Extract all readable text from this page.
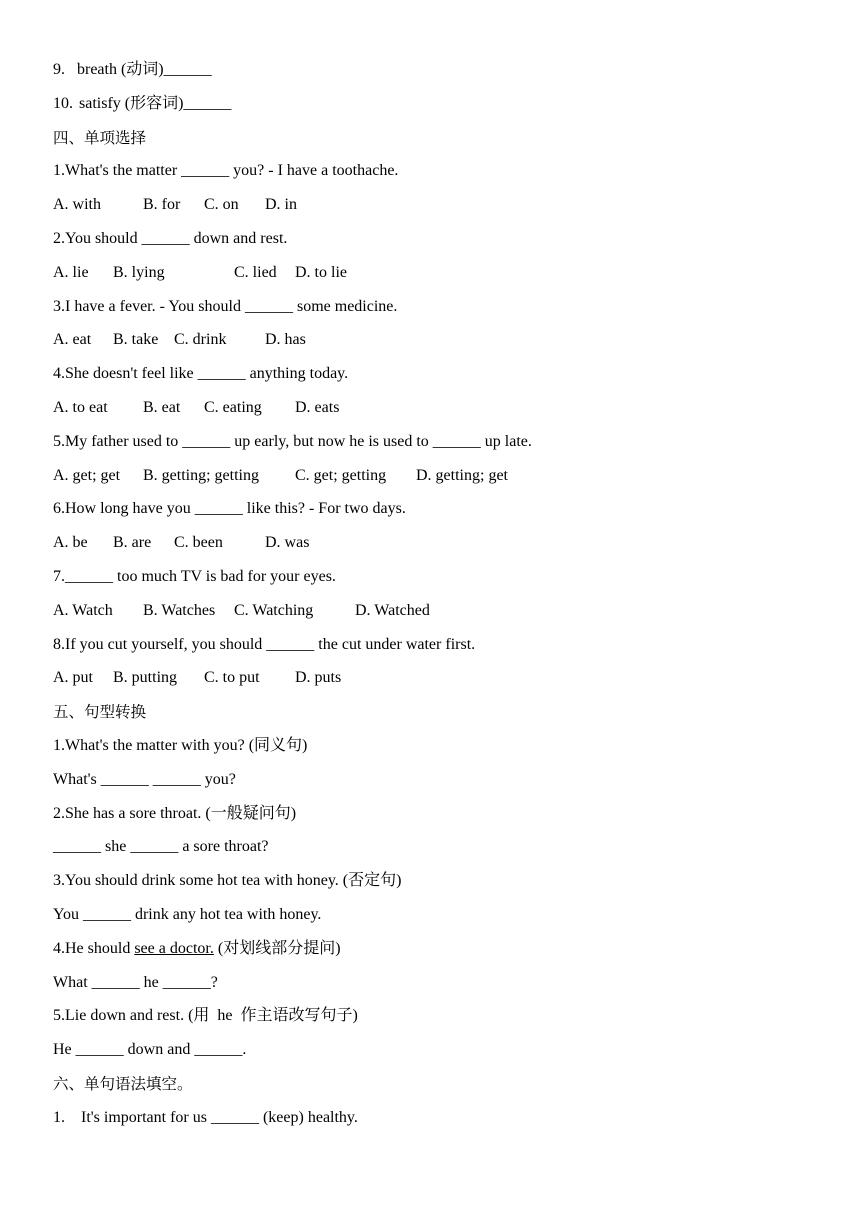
9. breath (动词)______
10. satisfy (形容词)______
四、单项选择
1.What's the matter ______ you? - I have a toothache.
A. with	B. for C. on D. in
2.You should ______ down and rest.
A. lie B. lying	C. lied D. to lie
3.I have a fever. - You should ______ some medicine.
A. eat B. take C. drink D. has
4.She doesn't feel like ______ anything today.
A. to eat B. eat C. eating D. eats
5.My father used to ______ up early, but now he is used to ______ up late.
A. get; get B. getting; getting C. get; getting D. getting; get
6.How long have you ______ like this? - For two days.
A. be B. are C. been	D. was
7.______ too much TV is bad for your eyes.
A. Watch B. Watches C. Watching	D. Watched
8.If you cut yourself, you should ______ the cut under water first.
A. put B. putting C. to put D. puts
五、句型转换
1.What's the matter with you? (同义句)
What's ______ ______ you?
2.She has a sore throat. (一般疑问句)
______ she ______ a sore throat?
3.You should drink some hot tea with honey. (否定句)
You ______ drink any hot tea with honey.
4.He should see a doctor. (对划线部分提问)
What ______ he ______?
5.Lie down and rest. (用  he  作主语改写句子)
He ______ down and ______.
六、单句语法填空。
1. It's important for us ______ (keep) healthy.
